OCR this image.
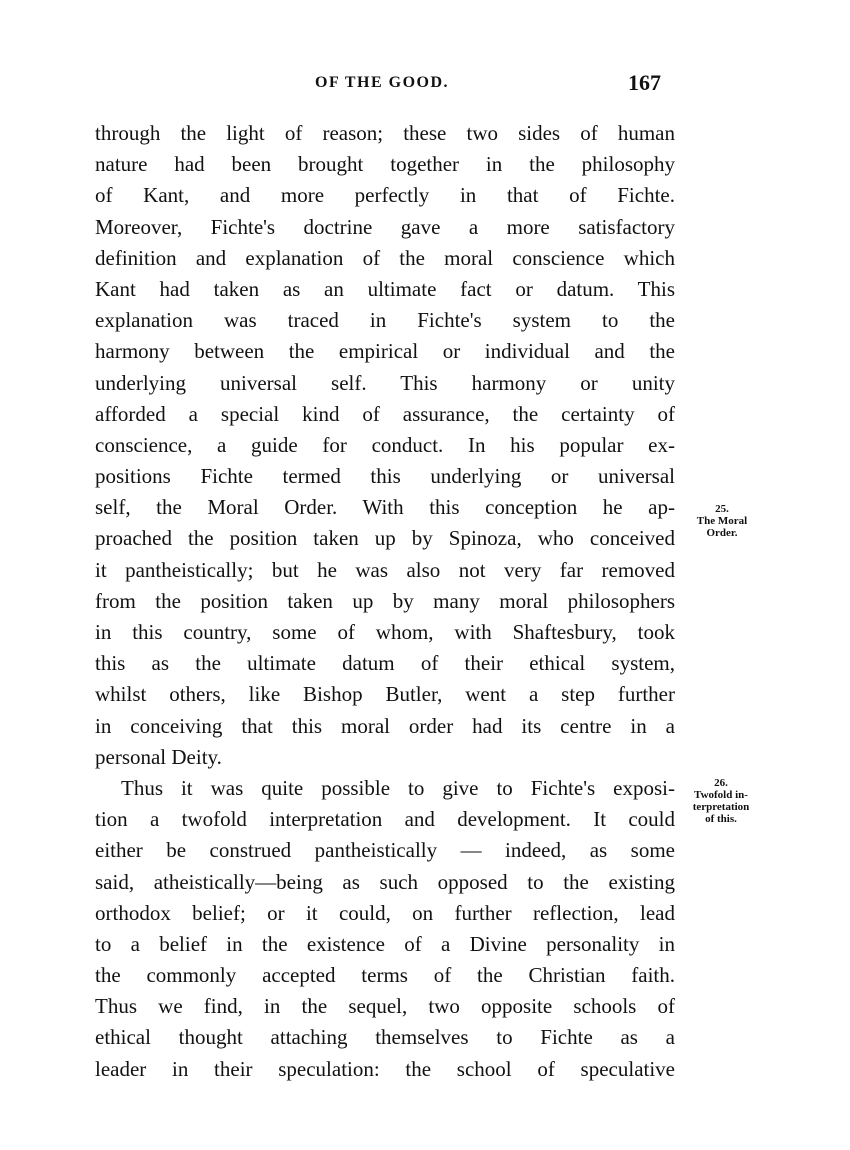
OF THE GOOD.	167
through the light of reason; these two sides of human
nature had been brought together in the philosophy
of Kant, and more perfectly in that of Fichte.
Moreover, Fichte's doctrine gave a more satisfactory
definition and explanation of the moral conscience which
Kant had taken as an ultimate fact or datum. This
explanation was traced in Fichte's system to the
harmony between the empirical or individual and the
underlying universal self. This harmony or unity
afforded a special kind of assurance, the certainty of
conscience, a guide for conduct. In his popular ex-
positions Fichte termed this underlying or universal
self, the Moral Order. With this conception he ap-
proached the position taken up by Spinoza, who conceived
it pantheistically; but he was also not very far removed
from the position taken up by many moral philosophers
in this country, some of whom, with Shaftesbury, took
this as the ultimate datum of their ethical system,
whilst others, like Bishop Butler, went a step further
in conceiving that this moral order had its centre in a
personal Deity.
Thus it was quite possible to give to Fichte's exposi-
tion a twofold interpretation and development. It could
either be construed pantheistically — indeed, as some
said, atheistically—being as such opposed to the existing
orthodox belief; or it could, on further reflection, lead
to a belief in the existence of a Divine personality in
the commonly accepted terms of the Christian faith.
Thus we find, in the sequel, two opposite schools of
ethical thought attaching themselves to Fichte as a
leader in their speculation: the school of speculative
25.
The Moral
Order.
26.
Twofold in-
terpretation
of this.
